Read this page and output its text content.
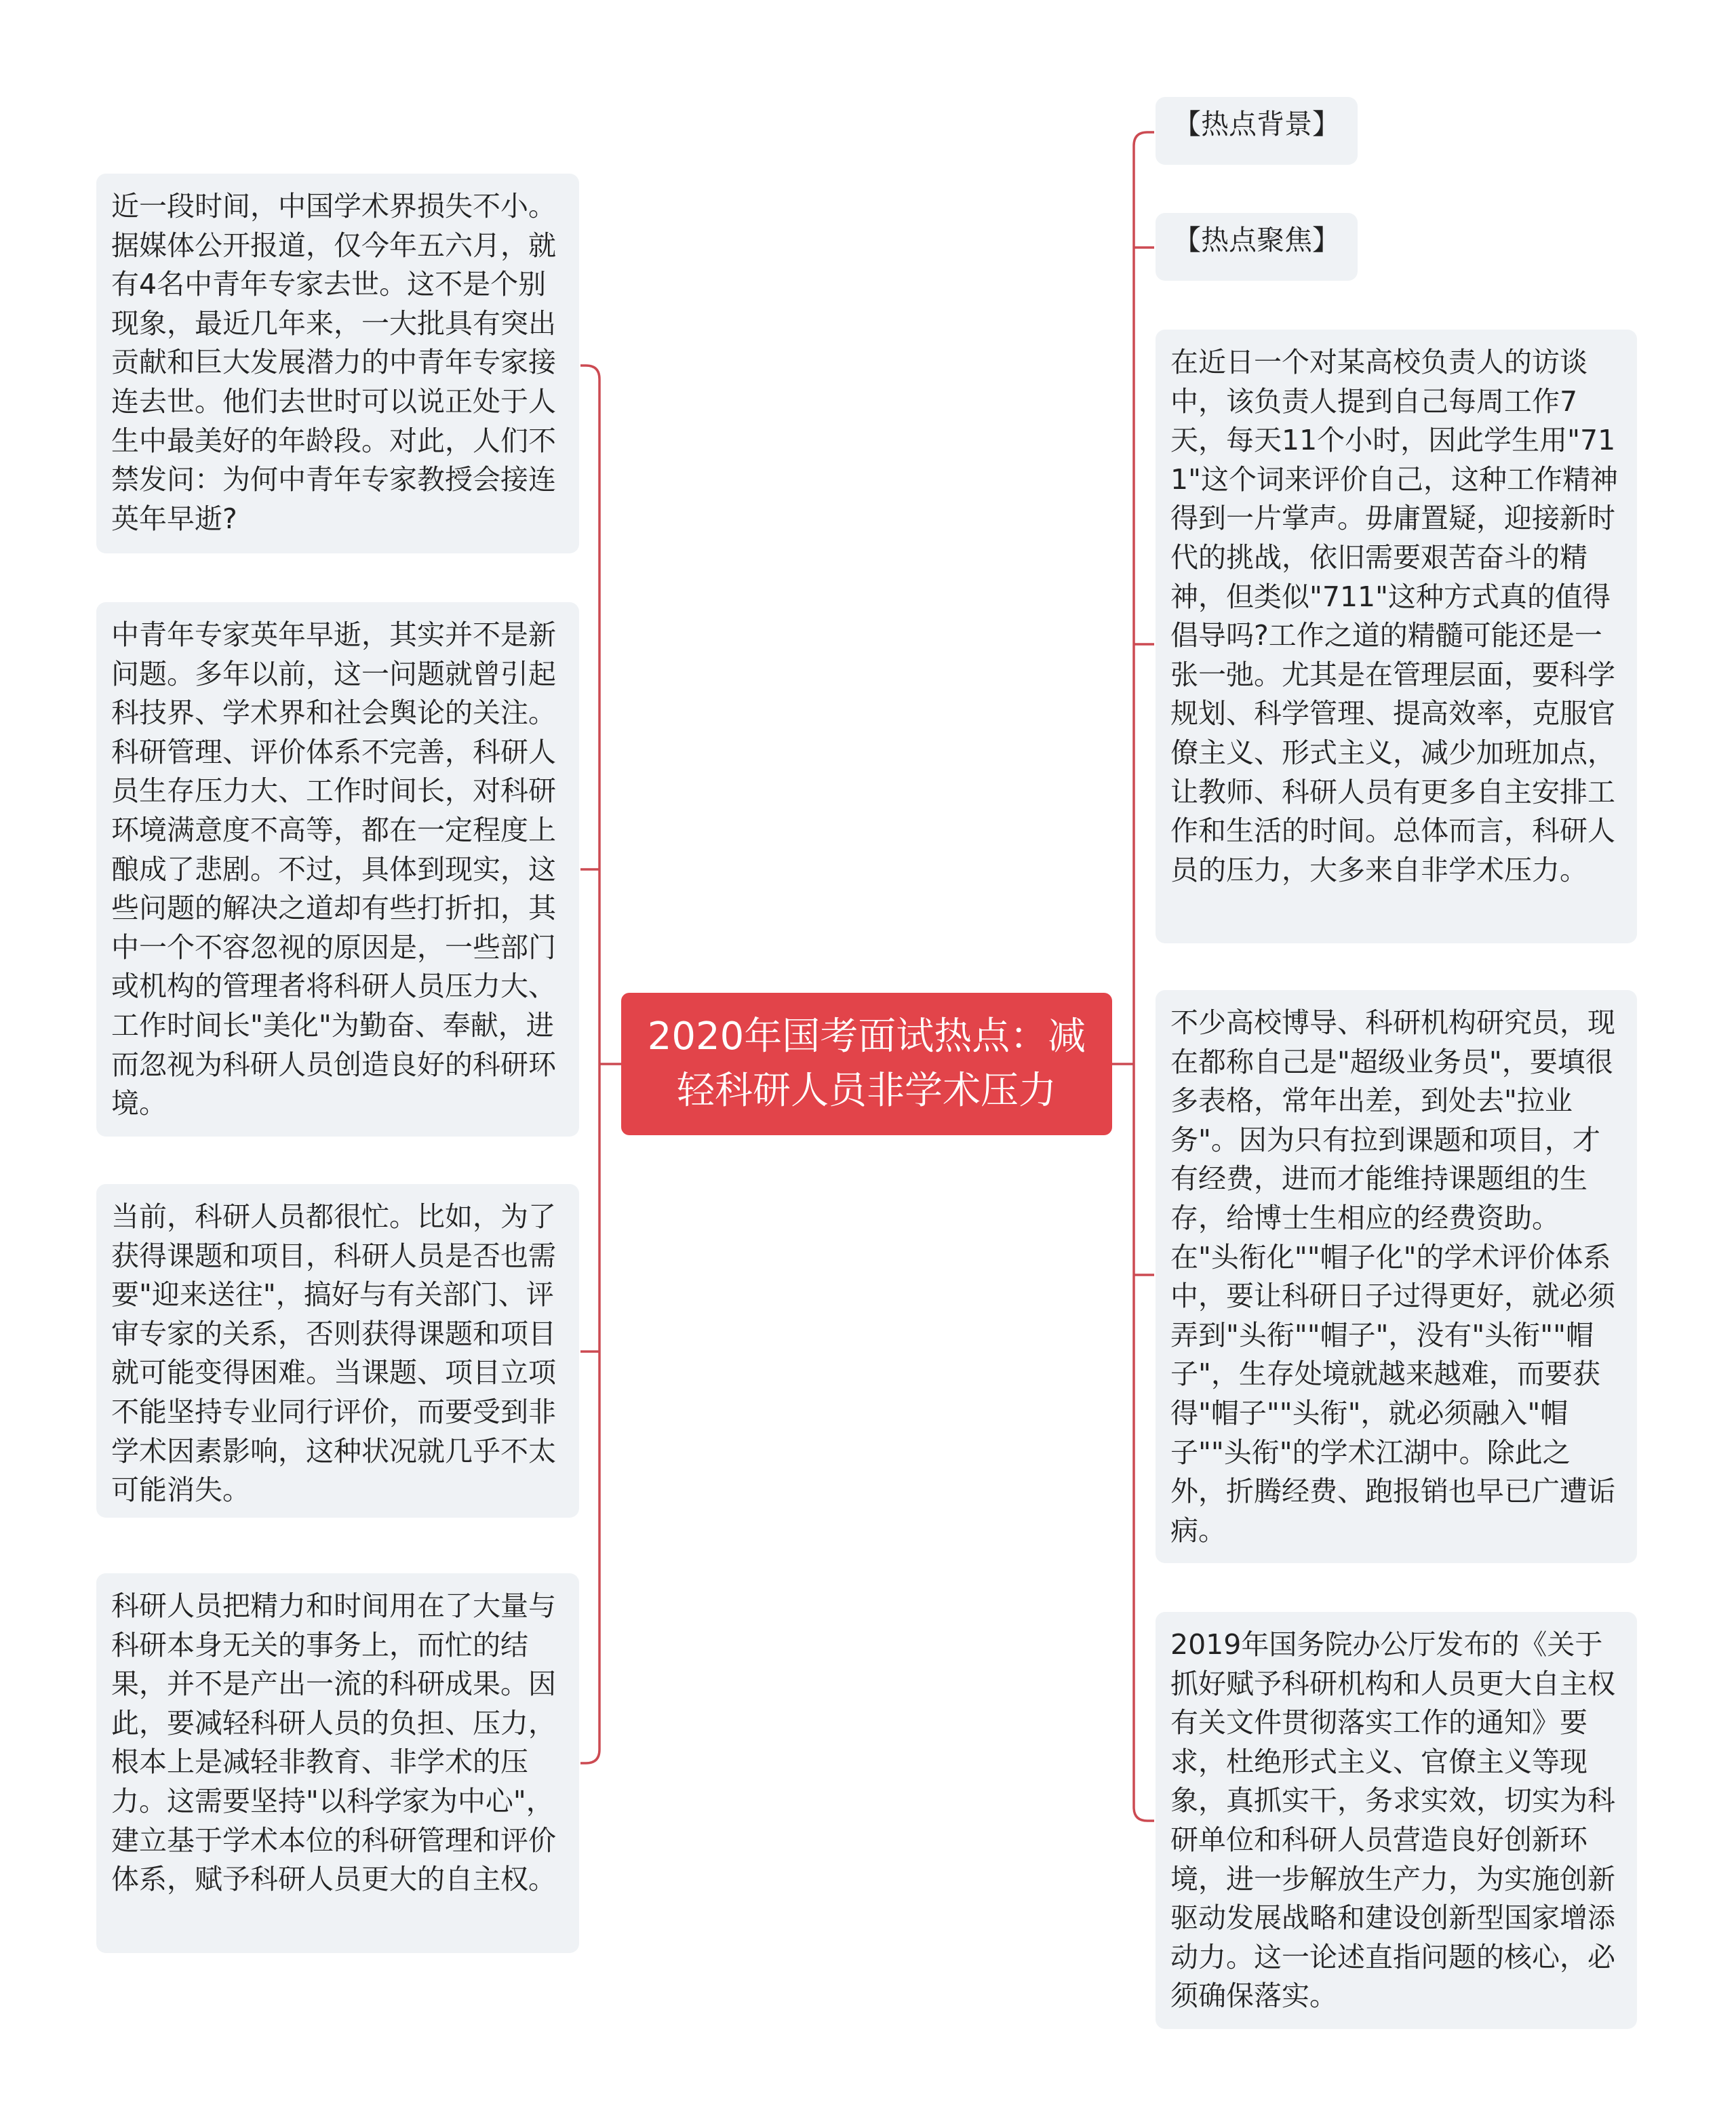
2020年国考面试热点：减轻科研人员非学术压力
【热点背景】
【热点聚焦】
在近日一个对某高校负责人的访谈中，该负责人提到自己每周工作7天，每天11个小时，因此学生用"711"这个词来评价自己，这种工作精神得到一片掌声。毋庸置疑，迎接新时代的挑战，依旧需要艰苦奋斗的精神，但类似"711"这种方式真的值得倡导吗?工作之道的精髓可能还是一张一弛。尤其是在管理层面，要科学规划、科学管理、提高效率，克服官僚主义、形式主义，减少加班加点，让教师、科研人员有更多自主安排工作和生活的时间。总体而言，科研人员的压力，大多来自非学术压力。
不少高校博导、科研机构研究员，现在都称自己是"超级业务员"，要填很多表格，常年出差，到处去"拉业务"。因为只有拉到课题和项目，才有经费，进而才能维持课题组的生存，给博士生相应的经费资助。在"头衔化""帽子化"的学术评价体系中，要让科研日子过得更好，就必须弄到"头衔""帽子"，没有"头衔""帽子"，生存处境就越来越难，而要获得"帽子""头衔"，就必须融入"帽子""头衔"的学术江湖中。除此之外，折腾经费、跑报销也早已广遭诟病。
2019年国务院办公厅发布的《关于抓好赋予科研机构和人员更大自主权有关文件贯彻落实工作的通知》要求，杜绝形式主义、官僚主义等现象，真抓实干，务求实效，切实为科研单位和科研人员营造良好创新环境，进一步解放生产力，为实施创新驱动发展战略和建设创新型国家增添动力。这一论述直指问题的核心，必须确保落实。
近一段时间，中国学术界损失不小。据媒体公开报道，仅今年五六月，就有4名中青年专家去世。这不是个别现象，最近几年来，一大批具有突出贡献和巨大发展潜力的中青年专家接连去世。他们去世时可以说正处于人生中最美好的年龄段。对此，人们不禁发问：为何中青年专家教授会接连英年早逝?
中青年专家英年早逝，其实并不是新问题。多年以前，这一问题就曾引起科技界、学术界和社会舆论的关注。科研管理、评价体系不完善，科研人员生存压力大、工作时间长，对科研环境满意度不高等，都在一定程度上酿成了悲剧。不过，具体到现实，这些问题的解决之道却有些打折扣，其中一个不容忽视的原因是，一些部门或机构的管理者将科研人员压力大、工作时间长"美化"为勤奋、奉献，进而忽视为科研人员创造良好的科研环境。
当前，科研人员都很忙。比如，为了获得课题和项目，科研人员是否也需要"迎来送往"，搞好与有关部门、评审专家的关系，否则获得课题和项目就可能变得困难。当课题、项目立项不能坚持专业同行评价，而要受到非学术因素影响，这种状况就几乎不太可能消失。
科研人员把精力和时间用在了大量与科研本身无关的事务上，而忙的结果，并不是产出一流的科研成果。因此，要减轻科研人员的负担、压力，根本上是减轻非教育、非学术的压力。这需要坚持"以科学家为中心"，建立基于学术本位的科研管理和评价体系，赋予科研人员更大的自主权。
